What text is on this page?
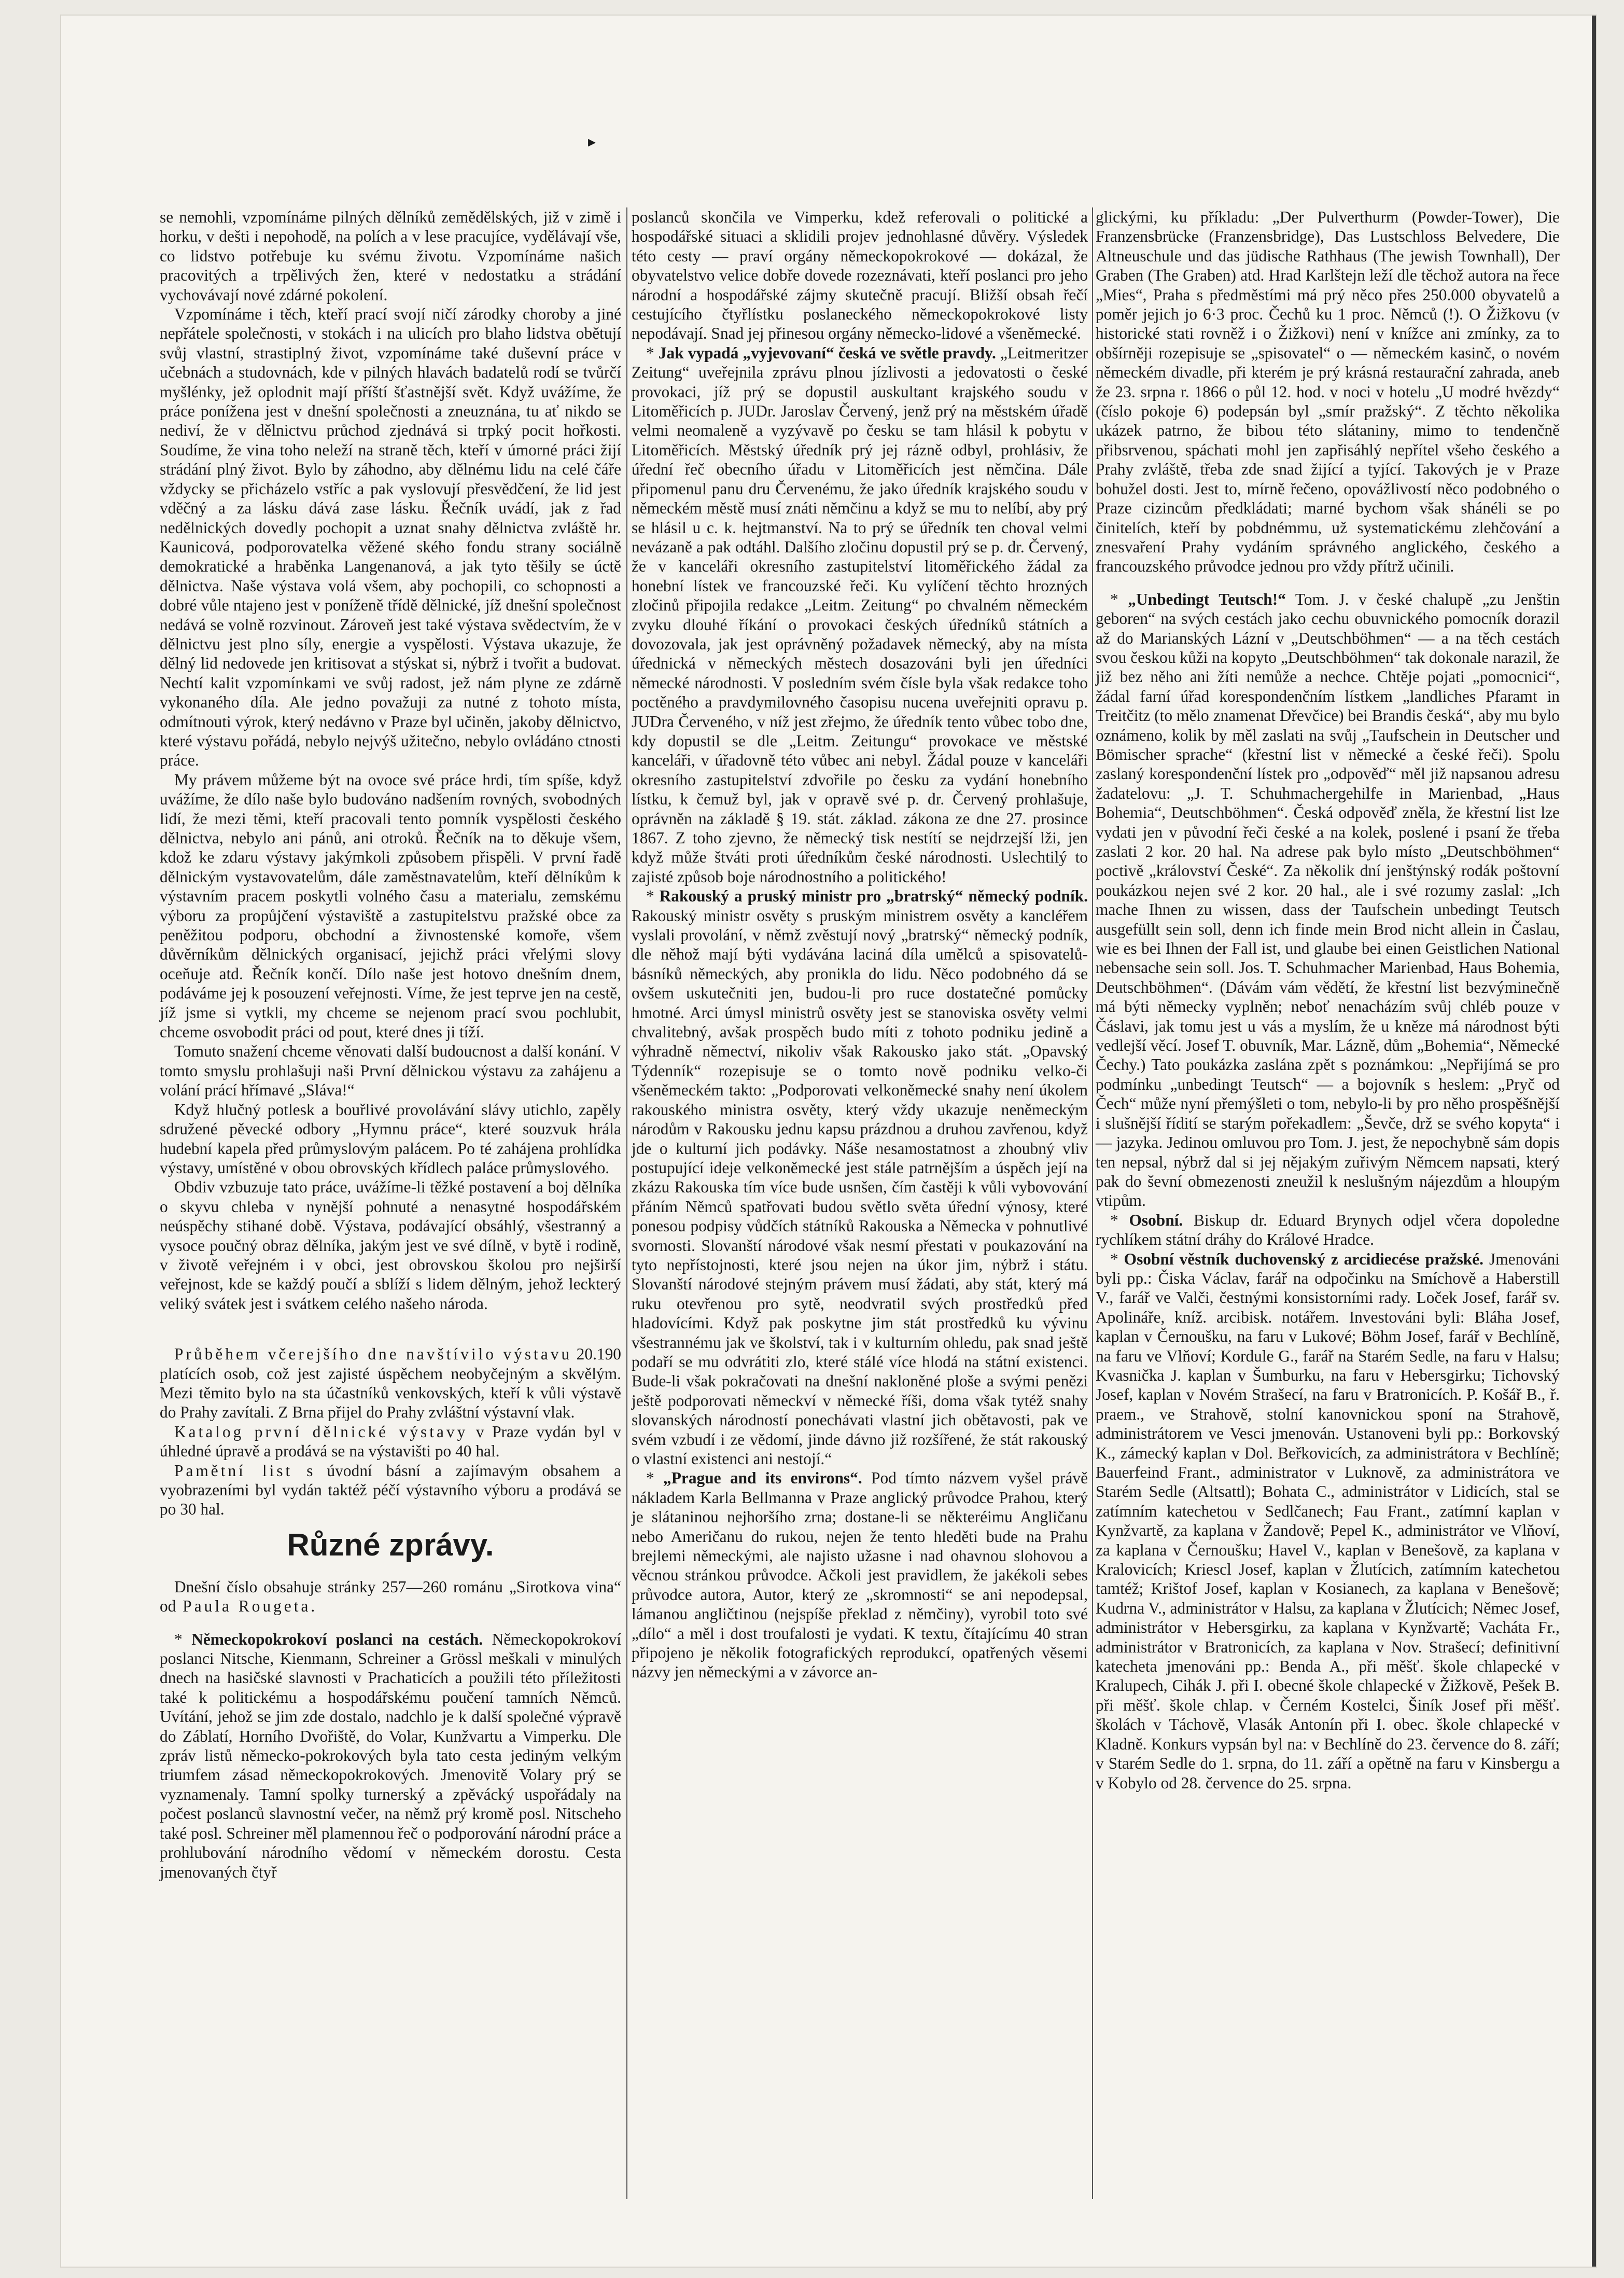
▸

se nemohli, vzpomínáme pilných dělníků zemědělských, již v zimě i horku, v dešti i nepohodě, na polích a v lese pracujíce, vydělávají vše, co lidstvo potřebuje ku svému životu. Vzpomínáme našich pracovitých a trpělivých žen, které v nedostatku a strádání vychovávají nové zdárné pokolení.

Vzpomínáme i těch, kteří prací svojí ničí zárodky choroby a jiné nepřátele společnosti, v stokách i na ulicích pro blaho lidstva obětují svůj vlastní, strastiplný život, vzpomínáme také duševní práce v učebnách a studovnách, kde v pilných hlavách badatelů rodí se tvůrčí myšlénky, jež oplodnit mají příští šťastnější svět. Když uvážíme, že práce ponížena jest v dnešní společnosti a zneuznána, tu ať nikdo se nediví, že v dělnictvu průchod zjednává si trpký pocit hořkosti. Soudíme, že vina toho neleží na straně těch, kteří v úmorné práci žijí strádání plný život. Bylo by záhodno, aby dělnému lidu na celé čáře vždycky se přicházelo vstříc a pak vyslovují přesvědčení, že lid jest vděčný a za lásku dává zase lásku. Řečník uvádí, jak z řad nedělnických dovedly pochopit a uznat snahy dělnictva zvláště hr. Kaunicová, podporovatelka věžené ského fondu strany sociálně demokratické a hraběnka Langenanová, a jak tyto těšily se úctě dělnictva. Naše výstava volá všem, aby pochopili, co schopnosti a dobré vůle ntajeno jest v poníženě třídě dělnické, jíž dnešní společnost nedává se volně rozvinout. Zároveň jest také výstava svědectvím, že v dělnictvu jest plno síly, energie a vyspělosti. Výstava ukazuje, že dělný lid nedovede jen kritisovat a stýskat si, nýbrž i tvořit a budovat. Nechtí kalit vzpomínkami ve svůj radost, jež nám plyne ze zdárně vykonaného díla. Ale jedno považuji za nutné z tohoto místa, odmítnouti výrok, který nedávno v Praze byl učiněn, jakoby dělnictvo, které výstavu pořádá, nebylo nejvýš užitečno, nebylo ovládáno ctnosti práce.

My právem můžeme být na ovoce své práce hrdi, tím spíše, když uvážíme, že dílo naše bylo budováno nadšením rovných, svobodných lidí, že mezi těmi, kteří pracovali tento pomník vyspělosti českého dělnictva, nebylo ani pánů, ani otroků. Řečník na to děkuje všem, kdož ke zdaru výstavy jakýmkoli způsobem přispěli. V první řadě dělnickým vystavovatelům, dále zaměstnavatelům, kteří dělníkům k výstavním pracem poskytli volného času a materialu, zemskému výboru za propůjčení výstaviště a zastupitelstvu pražské obce za peněžitou podporu, obchodní a živnostenské komoře, všem důvěrníkům dělnických organisací, jejichž práci vřelými slovy oceňuje atd. Řečník končí. Dílo naše jest hotovo dnešním dnem, podáváme jej k posouzení veřejnosti. Víme, že jest teprve jen na cestě, jíž jsme si vytkli, my chceme se nejenom prací svou pochlubit, chceme osvobodit práci od pout, které dnes ji tíží.

Tomuto snažení chceme věnovati další budoucnost a další konání. V tomto smyslu prohlašuji naši První dělnickou výstavu za zahájenu a volání prácí hřímavé „Sláva!“

Když hlučný potlesk a bouřlivé provolávání slávy utichlo, zapěly sdružené pěvecké odbory „Hymnu práce“, které souzvuk hrála hudební kapela před průmyslovým palácem. Po té zahájena prohlídka výstavy, umístěné v obou obrovských křídlech paláce průmyslového.

Obdiv vzbuzuje tato práce, uvážíme-li těžké postavení a boj dělníka o skyvu chleba v nynější pohnuté a nenasytné hospodářském neúspěchy stihané době. Výstava, podávající obsáhlý, všestranný a vysoce poučný obraz dělníka, jakým jest ve své dílně, v bytě i rodině, v životě veřejném i v obci, jest obrovskou školou pro nejširší veřejnost, kde se každý poučí a sblíží s lidem dělným, jehož leckterý veliký svátek jest i svátkem celého našeho národa.

Průběhem včerejšího dne navštívilo výstavu 20.190 platících osob, což jest zajisté úspěchem neobyčejným a skvělým. Mezi těmito bylo na sta účastníků venkovských, kteří k vůli výstavě do Prahy zavítali. Z Brna přijel do Prahy zvláštní výstavní vlak.

Katalog první dělnické výstavy v Praze vydán byl v úhledné úpravě a prodává se na výstavišti po 40 hal.

Pamětní list s úvodní básní a zajímavým obsahem a vyobrazeními byl vydán taktéž péčí výstavního výboru a prodává se po 30 hal.

Různé zprávy.

Dnešní číslo obsahuje stránky 257—260 románu „Sirotkova vina“ od Paula Rougeta.

* Německopokrokoví poslanci na cestách. Německopokrokoví poslanci Nitsche, Kienmann, Schreiner a Grössl meškali v minulých dnech na hasičské slavnosti v Prachaticích a použili této příležitosti také k politickému a hospodářskému poučení tamních Němců. Uvítání, jehož se jim zde dostalo, nadchlo je k další společné výpravě do Záblatí, Horního Dvořiště, do Volar, Kunžvartu a Vimperku. Dle zpráv listů německo-pokrokových byla tato cesta jediným velkým triumfem zásad německopokrokových. Jmenovitě Volary prý se vyznamenaly. Tamní spolky turnerský a zpěvácký uspořádaly na počest poslanců slavnostní večer, na němž prý kromě posl. Nitscheho také posl. Schreiner měl plamennou řeč o podporování národní práce a prohlubování národního vědomí v německém dorostu. Cesta jmenovaných čtyř

poslanců skončila ve Vimperku, kdež referovali o politické a hospodářské situaci a sklidili projev jednohlasné důvěry. Výsledek této cesty — praví orgány německopokrokové — dokázal, že obyvatelstvo velice dobře dovede rozeznávati, kteří poslanci pro jeho národní a hospodářské zájmy skutečně pracují. Bližší obsah řečí cestujícího čtyřlístku poslaneckého německopokrokové listy nepodávají. Snad jej přinesou orgány německo-lidové a všeněmecké.

* Jak vypadá „vyjevovaní“ česká ve světle pravdy. „Leitmeritzer Zeitung“ uveřejnila zprávu plnou jízlivosti a jedovatosti o české provokaci, jíž prý se dopustil auskultant krajského soudu v Litoměřicích p. JUDr. Jaroslav Červený, jenž prý na městském úřadě velmi neomaleně a vyzývavě po česku se tam hlásil k pobytu v Litoměřicích. Městský úředník prý jej rázně odbyl, prohlásiv, že úřední řeč obecního úřadu v Litoměřicích jest němčina. Dále připomenul panu dru Červenému, že jako úředník krajského soudu v německém městě musí znáti němčinu a když se mu to nelíbí, aby prý se hlásil u c. k. hejtmanství. Na to prý se úředník ten choval velmi nevázaně a pak odtáhl. Dalšího zločinu dopustil prý se p. dr. Červený, že v kanceláři okresního zastupitelství litoměřického žádal za honební lístek ve francouzské řeči. Ku vylíčení těchto hrozných zločinů připojila redakce „Leitm. Zeitung“ po chvalném německém zvyku dlouhé říkání o provokaci českých úředníků státních a dovozovala, jak jest oprávněný požadavek německý, aby na místa úřednická v německých městech dosazováni byli jen úředníci německé národnosti. V posledním svém čísle byla však redakce toho poctěného a pravdymilovného časopisu nucena uveřejniti opravu p. JUDra Červeného, v níž jest zřejmo, že úředník tento vůbec tobo dne, kdy dopustil se dle „Leitm. Zeitungu“ provokace ve městské kanceláři, v úřadovně této vůbec ani nebyl. Žádal pouze v kanceláři okresního zastupitelství zdvořile po česku za vydání honebního lístku, k čemuž byl, jak v opravě své p. dr. Červený prohlašuje, oprávněn na základě § 19. stát. základ. zákona ze dne 27. prosince 1867. Z toho zjevno, že německý tisk nestítí se nejdrzejší lži, jen když může štváti proti úředníkům české národnosti. Uslechtilý to zajisté způsob boje národnostního a politického!

* Rakouský a pruský ministr pro „bratrský“ německý podník. Rakouský ministr osvěty s pruským ministrem osvěty a kancléřem vyslali provolání, v němž zvěstují nový „bratrský“ německý podník, dle něhož mají býti vydávána laciná díla umělců a spisovatelů-básníků německých, aby pronikla do lidu. Něco podobného dá se ovšem uskutečniti jen, budou-li pro ruce dostatečné pomůcky hmotné. Arci úmysl ministrů osvěty jest se stanoviska osvěty velmi chvalitebný, avšak prospěch budo míti z tohoto podniku jedině a výhradně němectví, nikoliv však Rakousko jako stát. „Opavský Týdenník“ rozepisuje se o tomto nově podniku velko-či všeněmeckém takto: „Podporovati velkoněmecké snahy není úkolem rakouského ministra osvěty, který vždy ukazuje neněmeckým národům v Rakousku jednu kapsu prázdnou a druhou zavřenou, když jde o kulturní jich podávky. Náše nesamostatnost a zhoubný vliv postupující ideje velkoněmecké jest stále patrnějším a úspěch její na zkázu Rakouska tím více bude usnšen, čím častěji k vůli vybovování přáním Němců spatřovati budou světlo světa úřední výnosy, které ponesou podpisy vůdčích státníků Rakouska a Německa v pohnutlivé svornosti. Slovanští národové však nesmí přestati v poukazování na tyto nepřístojnosti, které jsou nejen na úkor jim, nýbrž i státu. Slovanští národové stejným právem musí žádati, aby stát, který má ruku otevřenou pro sytě, neodvratil svých prostředků před hladovícími. Když pak poskytne jim stát prostředků ku vývinu všestrannému jak ve školství, tak i v kulturním ohledu, pak snad ještě podaří se mu odvrátiti zlo, které stálé více hlodá na státní existenci. Bude-li však pokračovati na dnešní nakloněné ploše a svými penězi ještě podporovati německví v německé říši, doma však tytéž snahy slovanských národností ponechávati vlastní jich obětavosti, pak ve svém vzbudí i ze vědomí, jinde dávno již rozšířené, že stát rakouský o vlastní existenci ani nestojí.“

* „Prague and its environs“. Pod tímto názvem vyšel právě nákladem Karla Bellmanna v Praze anglický průvodce Prahou, který je slátaninou nejhoršího zrna; dostane-li se některéimu Angličanu nebo Američanu do rukou, nejen že tento hleděti bude na Prahu brejlemi německými, ale najisto užasne i nad ohavnou slohovou a věcnou stránkou průvodce. Ačkoli jest pravidlem, že jakékoli sebes průvodce autora, Autor, který ze „skromnosti“ se ani nepodepsal, lámanou angličtinou (nejspíše překlad z němčiny), vyrobil toto své „dílo“ a měl i dost troufalosti je vydati. K textu, čítajícímu 40 stran připojeno je několik fotografických reprodukcí, opatřených věsemi názvy jen německými a v závorce an-

glickými, ku příkladu: „Der Pulverthurm (Powder-Tower), Die Franzensbrücke (Franzensbridge), Das Lustschloss Belvedere, Die Altneuschule und das jüdische Rathhaus (The jewish Townhall), Der Graben (The Graben) atd. Hrad Karlštejn leží dle těchož autora na řece „Mies“, Praha s předměstími má prý něco přes 250.000 obyvatelů a poměr jejich jo 6·3 proc. Čechů ku 1 proc. Němců (!). O Žižkovu (v historické stati rovněž i o Žižkovi) není v knížce ani zmínky, za to obšírněji rozepisuje se „spisovatel“ o — německém kasinč, o novém německém divadle, při kterém je prý krásná restaurační zahrada, aneb že 23. srpna r. 1866 o půl 12. hod. v noci v hotelu „U modré hvězdy“ (číslo pokoje 6) podepsán byl „smír pražský“. Z těchto několika ukázek patrno, že bibou této slátaniny, mimo to tendenčně přibsrvenou, spáchati mohl jen zapřisáhlý nepřítel všeho českého a Prahy zvláště, třeba zde snad žijící a tyjící. Takových je v Praze bohužel dosti. Jest to, mírně řečeno, opovážlivostí něco podobného o Praze cizincům předkládati; marné bychom však shánéli se po činitelích, kteří by pobdnémmu, už systematickému zlehčování a znesvaření Prahy vydáním správného anglického, českého a francouzského průvodce jednou pro vždy přítrž učinili.

* „Unbedingt Teutsch!“ Tom. J. v české chalupě „zu Jenštin geboren“ na svých cestách jako cechu obuvnického pomocník dorazil až do Marianských Lázní v „Deutschböhmen“ — a na těch cestách svou českou kůži na kopyto „Deutschböhmen“ tak dokonale narazil, že již bez něho ani žíti nemůže a nechce. Chtěje pojati „pomocnici“, žádal farní úřad korespondenčním lístkem „landliches Pfaramt in Treitčitz (to mělo znamenat Dřevčice) bei Brandis česká“, aby mu bylo oznámeno, kolik by měl zaslati na svůj „Taufschein in Deutscher und Bömischer sprache“ (křestní list v německé a české řeči). Spolu zaslaný korespondenční lístek pro „odpověď“ měl již napsanou adresu žadatelovu: „J. T. Schuhmachergehilfe in Marienbad, „Haus Bohemia“, Deutschböhmen“. Česká odpověď zněla, že křestní list lze vydati jen v původní řeči české a na kolek, poslené i psaní že třeba zaslati 2 kor. 20 hal. Na adrese pak bylo místo „Deutschböhmen“ poctivě „království České“. Za několik dní jenštýnský rodák poštovní poukázkou nejen své 2 kor. 20 hal., ale i své rozumy zaslal: „Ich mache Ihnen zu wissen, dass der Taufschein unbedingt Teutsch ausgefüllt sein soll, denn ich finde mein Brod nicht allein in Časlau, wie es bei Ihnen der Fall ist, und glaube bei einen Geistlichen National nebensache sein soll. Jos. T. Schuhmacher Marienbad, Haus Bohemia, Deutschböhmen“. (Dávám vám vědětí, že křestní list bezvýminečně má býti německy vyplněn; neboť nenacházím svůj chléb pouze v Čáslavi, jak tomu jest u vás a myslím, že u kněze má národnost býti vedlejší věcí. Josef T. obuvník, Mar. Lázně, dům „Bohemia“, Německé Čechy.) Tato poukázka zaslána zpět s poznámkou: „Nepřijímá se pro podmínku „unbedingt Teutsch“ — a bojovník s heslem: „Pryč od Čech“ může nyní přemýšleti o tom, nebylo-li by pro něho prospěšnější i slušnější řídití se starým pořekadlem: „Ševče, drž se svého kopyta“ i — jazyka. Jedinou omluvou pro Tom. J. jest, že nepochybně sám dopis ten nepsal, nýbrž dal si jej nějakým zuřivým Němcem napsati, který pak do ševní obmezenosti zneužil k neslušným nájezdům a hloupým vtipům.

* Osobní. Biskup dr. Eduard Brynych odjel včera dopoledne rychlíkem státní dráhy do Králové Hradce.

* Osobní věstník duchovenský z arcidiecése pražské. Jmenováni byli pp.: Čiska Václav, farář na odpočinku na Smíchově a Haberstill V., farář ve Valči, čestnými konsistorními rady. Loček Josef, farář sv. Apolináře, kníž. arcibisk. notářem. Investováni byli: Bláha Josef, kaplan v Černoušku, na faru v Lukové; Böhm Josef, farář v Bechlíně, na faru ve Vlňoví; Kordule G., farář na Starém Sedle, na faru v Halsu; Kvasnička J. kaplan v Šumburku, na faru v Hebersgirku; Tichovský Josef, kaplan v Novém Strašecí, na faru v Bratronicích. P. Košář B., ř. praem., ve Strahově, stolní kanovnickou sponí na Strahově, administrátorem ve Vesci jmenován. Ustanoveni byli pp.: Borkovský K., zámecký kaplan v Dol. Beřkovicích, za administrátora v Bechlíně; Bauerfeind Frant., administrator v Luknově, za administrátora ve Starém Sedle (Altsattl); Bohata C., administrátor v Lidicích, stal se zatímním katechetou v Sedlčanech; Fau Frant., zatímní kaplan v Kynžvartě, za kaplana v Žandově; Pepel K., administrátor ve Vlňoví, za kaplana v Černoušku; Havel V., kaplan v Benešově, za kaplana v Kralovicích; Kriescl Josef, kaplan v Žlutícich, zatímním katechetou tamtéž; Krištof Josef, kaplan v Kosianech, za kaplana v Benešově; Kudrna V., administrátor v Halsu, za kaplana v Žlutícich; Němec Josef, administrátor v Hebersgirku, za kaplana v Kynžvartě; Vacháta Fr., administrátor v Bratronicích, za kaplana v Nov. Strašecí; definitivní katecheta jmenováni pp.: Benda A., při měšť. škole chlapecké v Kralupech, Cihák J. při I. obecné škole chlapecké v Žižkově, Pešek B. při měšť. škole chlap. v Černém Kostelci, Šiník Josef při měšť. školách v Táchově, Vlasák Antonín při I. obec. škole chlapecké v Kladně. Konkurs vypsán byl na: v Bechlíně do 23. července do 8. září; v Starém Sedle do 1. srpna, do 11. září a opětně na faru v Kinsbergu a v Kobylo od 28. července do 25. srpna.
